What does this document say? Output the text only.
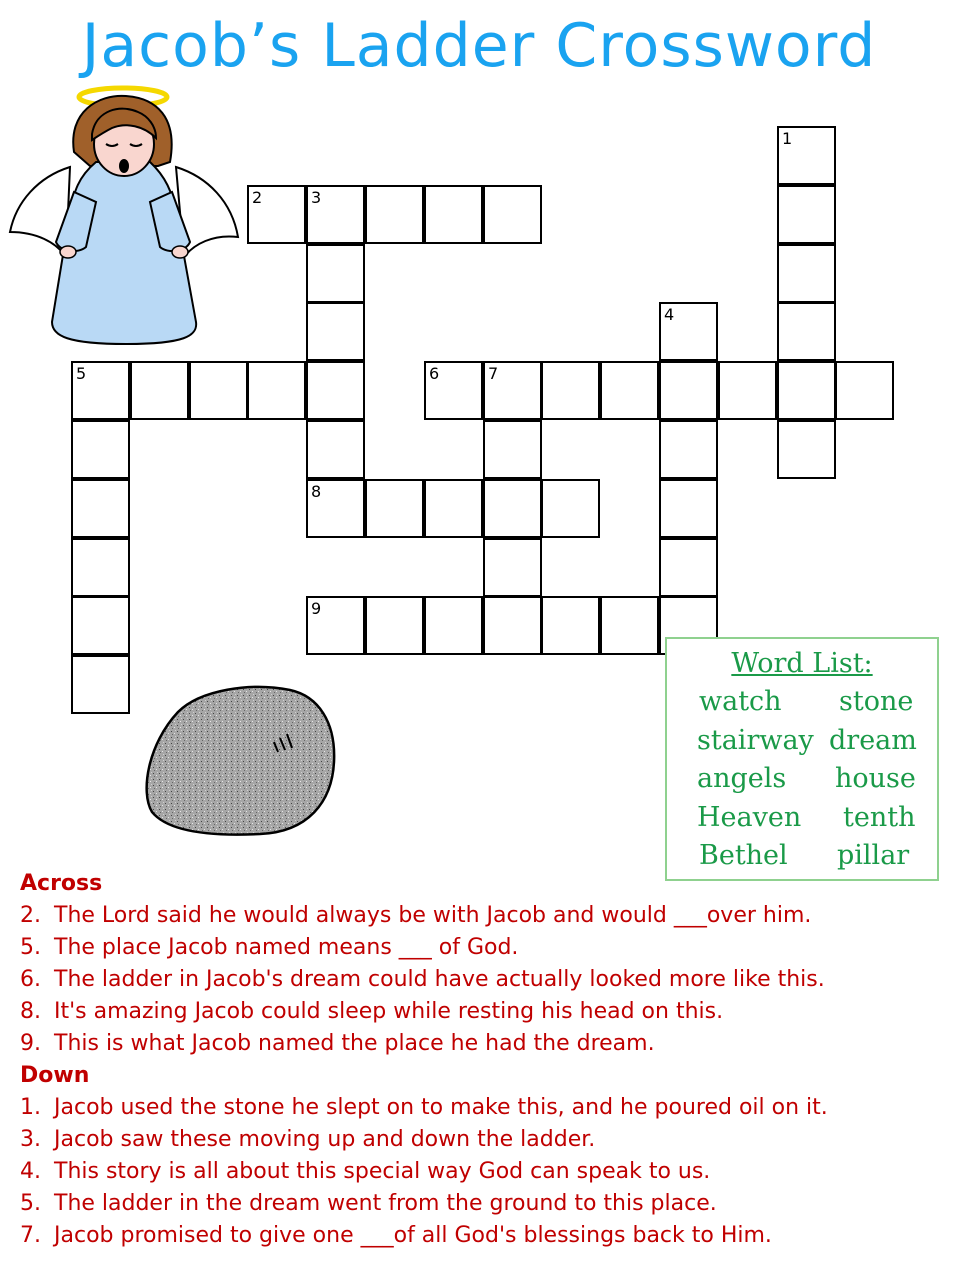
Jacob’s Ladder Crossword
2	3
5	6	7
8
9
1
4
Word List:
watch stone
stairway dream
angels house
Heaven tenth
Bethel pillar
Across
2. The Lord said he would always be with Jacob and would ___over him.
5. The place Jacob named means ___ of God.
6. The ladder in Jacob's dream could have actually looked more like this.
8. It's amazing Jacob could sleep while resting his head on this.
9. This is what Jacob named the place he had the dream.
Down
1. Jacob used the stone he slept on to make this, and he poured oil on it.
3. Jacob saw these moving up and down the ladder.
4. This story is all about this special way God can speak to us.
5. The ladder in the dream went from the ground to this place.
7. Jacob promised to give one ___of all God's blessings back to Him.
